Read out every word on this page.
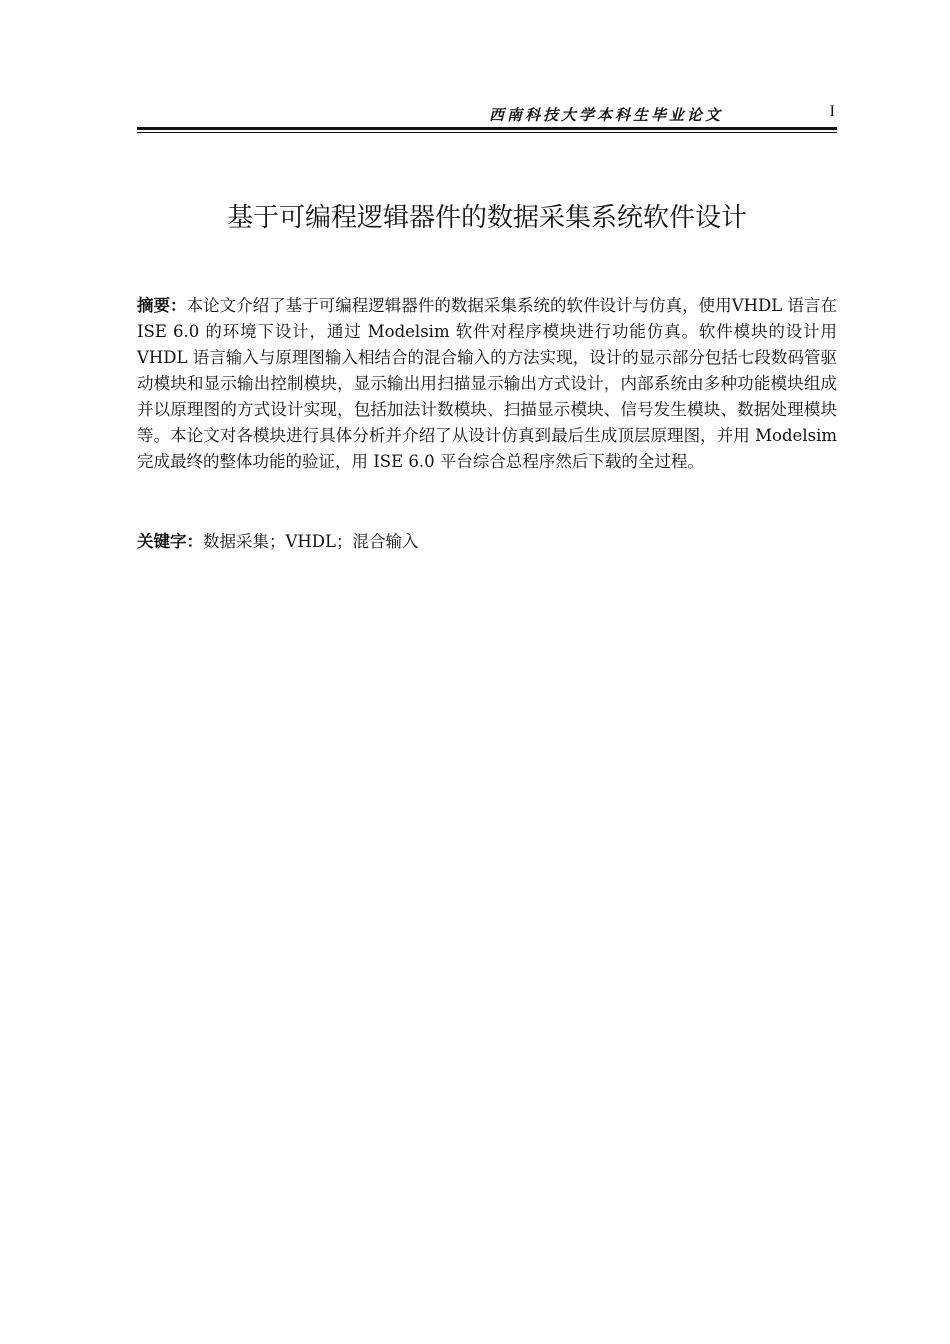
西南科技大学本科生毕业论文	I
基于可编程逻辑器件的数据采集系统软件设计

摘要：本论文介绍了基于可编程逻辑器件的数据采集系统的软件设计与仿真，使用VHDL 语言在 ISE 6.0 的环境下设计，通过 Modelsim 软件对程序模块进行功能仿真。软件模块的设计用 VHDL 语言输入与原理图输入相结合的混合输入的方法实现，设计的显示部分包括七段数码管驱动模块和显示输出控制模块，显示输出用扫描显示输出方式设计，内部系统由多种功能模块组成并以原理图的方式设计实现，包括加法计数模块、扫描显示模块、信号发生模块、数据处理模块等。本论文对各模块进行具体分析并介绍了从设计仿真到最后生成顶层原理图，并用 Modelsim 完成最终的整体功能的验证，用 ISE 6.0 平台综合总程序然后下载的全过程。

关键字：数据采集；VHDL；混合输入
